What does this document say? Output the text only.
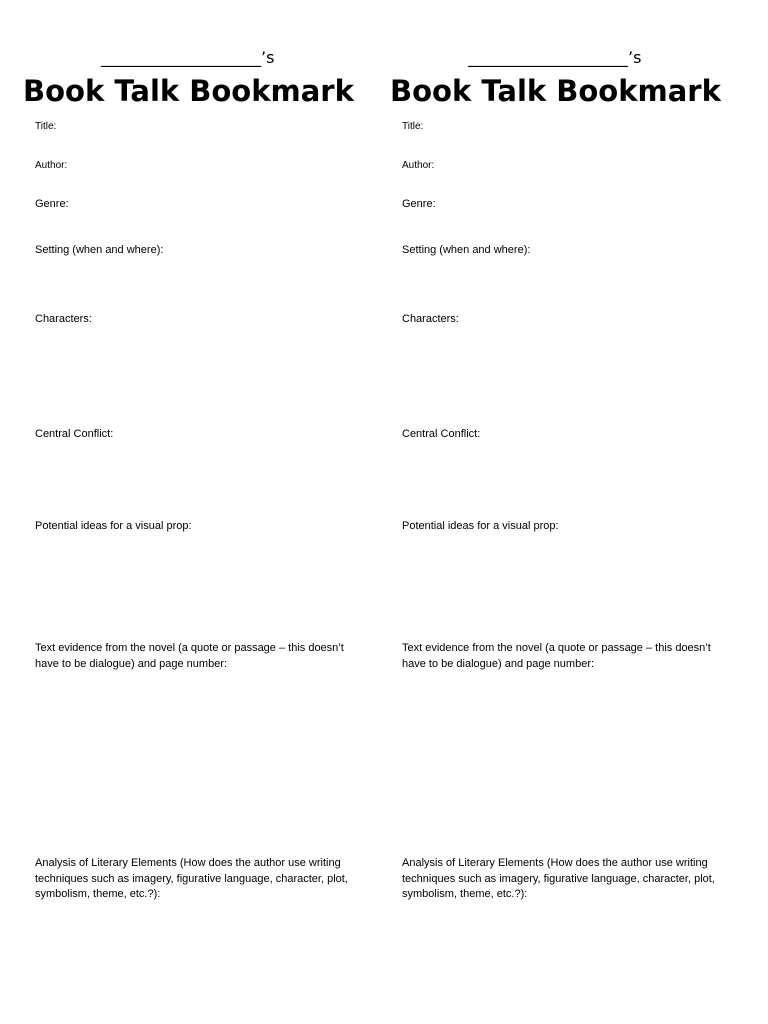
____________________’s
Book Talk Bookmark
Title:
Author:
Genre:
Setting (when and where):
Characters:
Central Conflict:
Potential ideas for a visual prop:
Text evidence from the novel (a quote or passage – this doesn’t have to be dialogue) and page number:
Analysis of Literary Elements (How does the author use writing techniques such as imagery, figurative language, character, plot, symbolism, theme, etc.?):
____________________’s
Book Talk Bookmark
Title:
Author:
Genre:
Setting (when and where):
Characters:
Central Conflict:
Potential ideas for a visual prop:
Text evidence from the novel (a quote or passage – this doesn’t have to be dialogue) and page number:
Analysis of Literary Elements (How does the author use writing techniques such as imagery, figurative language, character, plot, symbolism, theme, etc.?):
